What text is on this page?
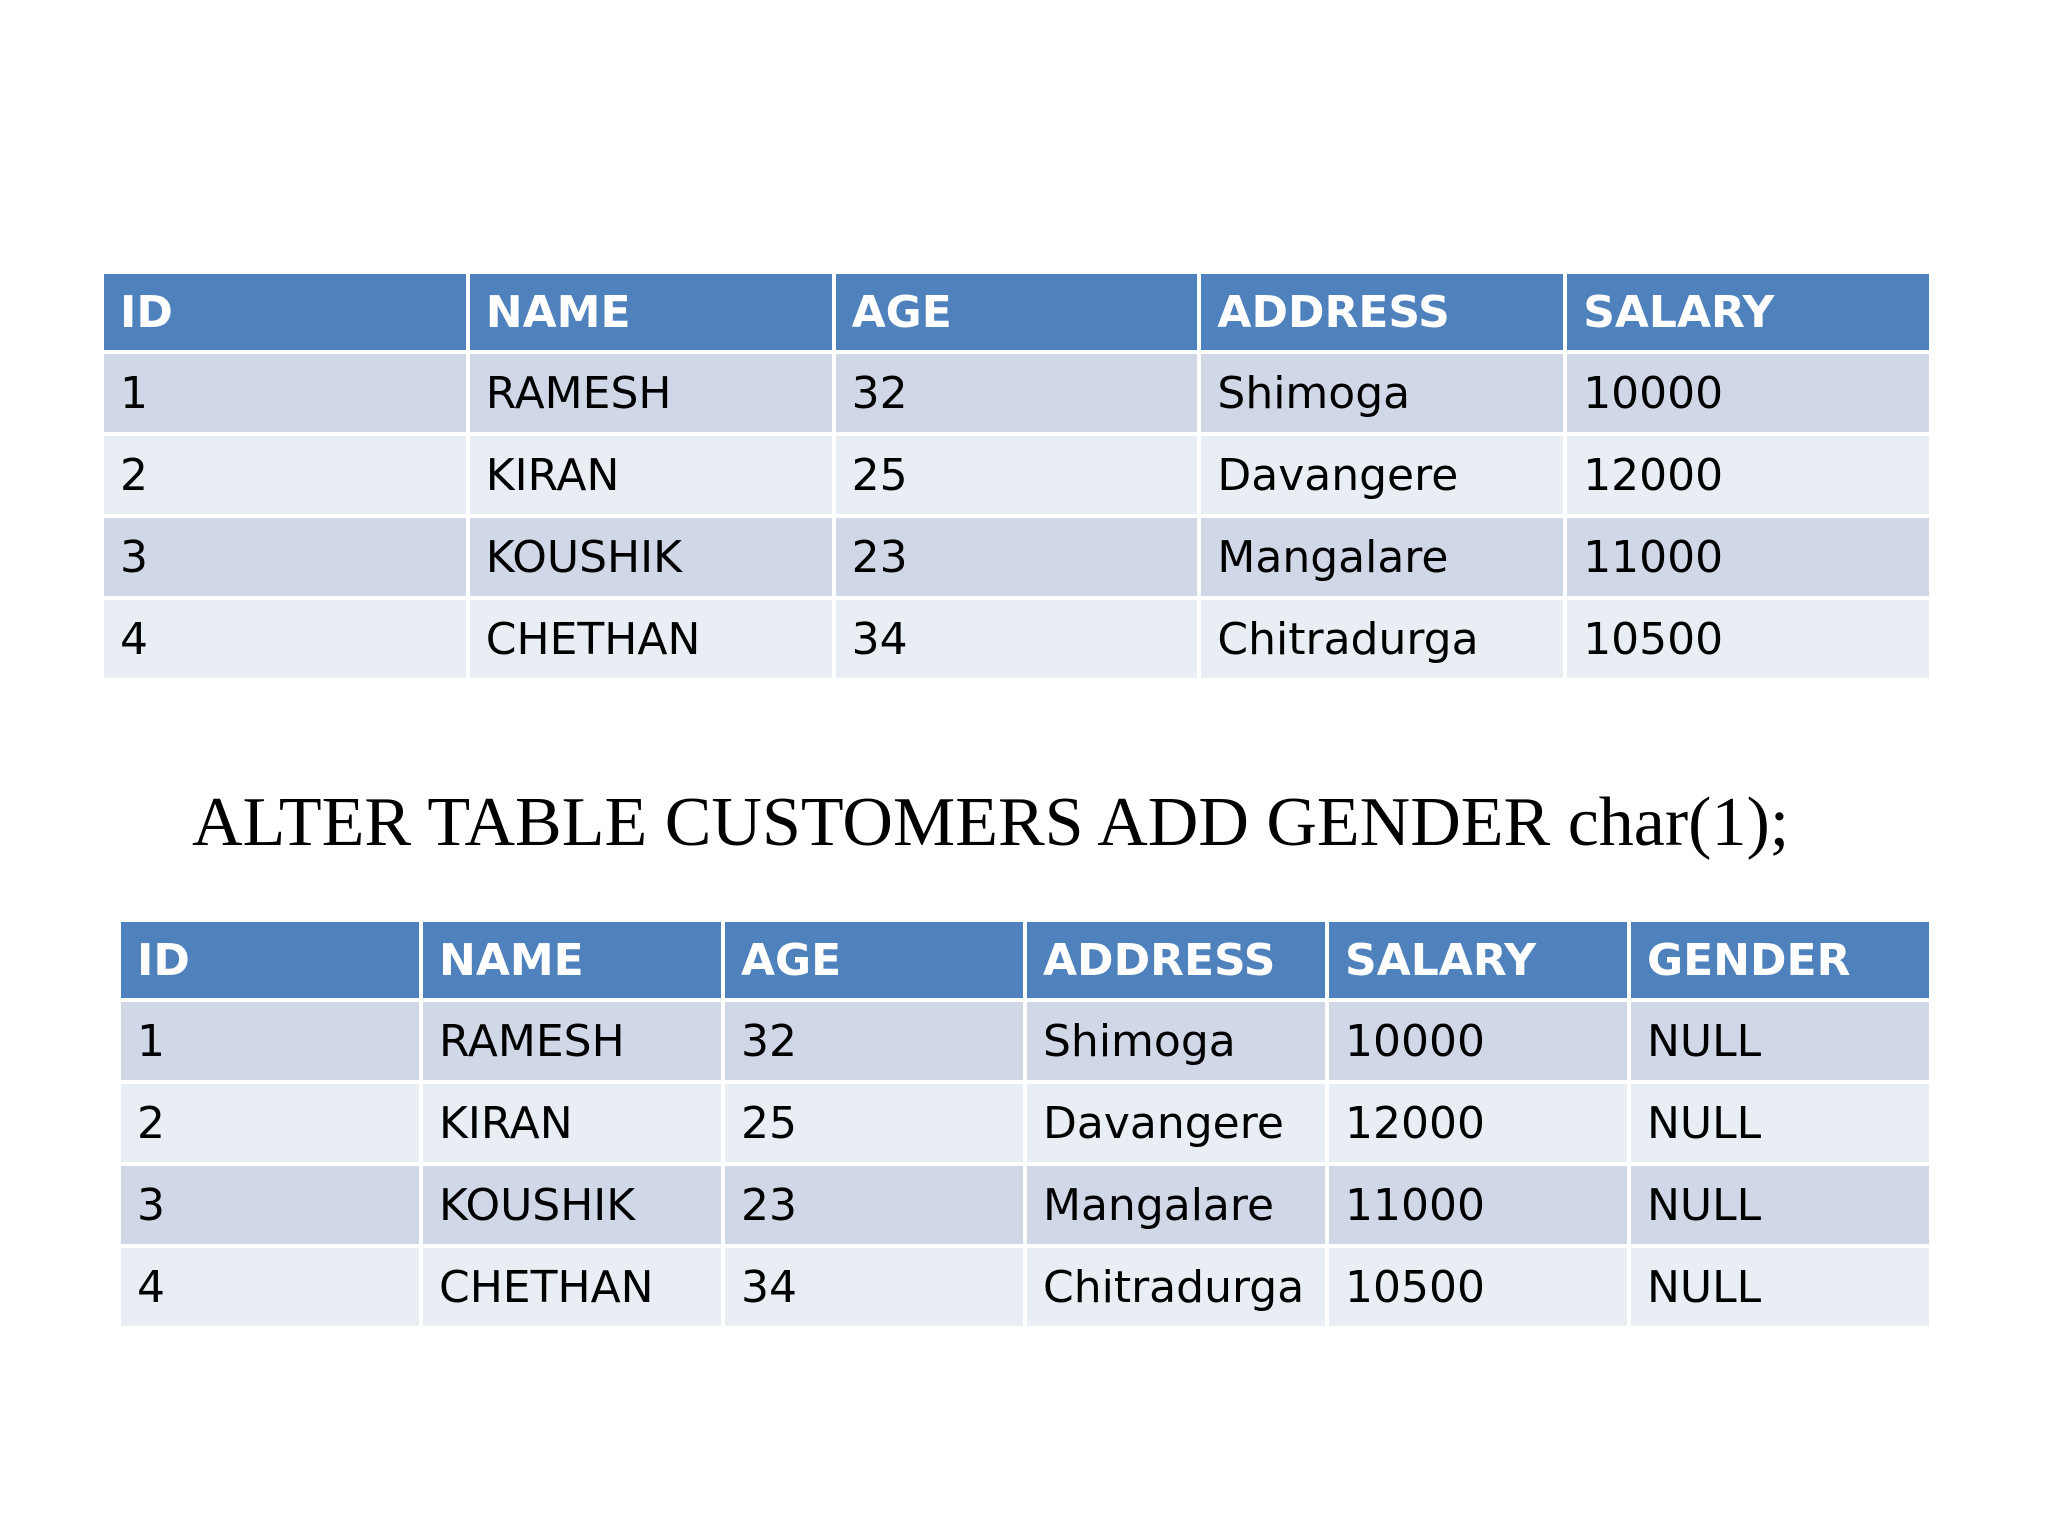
ID	NAME	AGE	ADDRESS	SALARY
1	RAMESH	32	Shimoga	10000
2	KIRAN	25	Davangere	12000
3	KOUSHIK	23	Mangalare	11000
4	CHETHAN	34	Chitradurga	10500

ALTER TABLE CUSTOMERS ADD GENDER char(1);

ID	NAME	AGE	ADDRESS	SALARY	GENDER
1	RAMESH	32	Shimoga	10000	NULL
2	KIRAN	25	Davangere	12000	NULL
3	KOUSHIK	23	Mangalare	11000	NULL
4	CHETHAN	34	Chitradurga	10500	NULL
